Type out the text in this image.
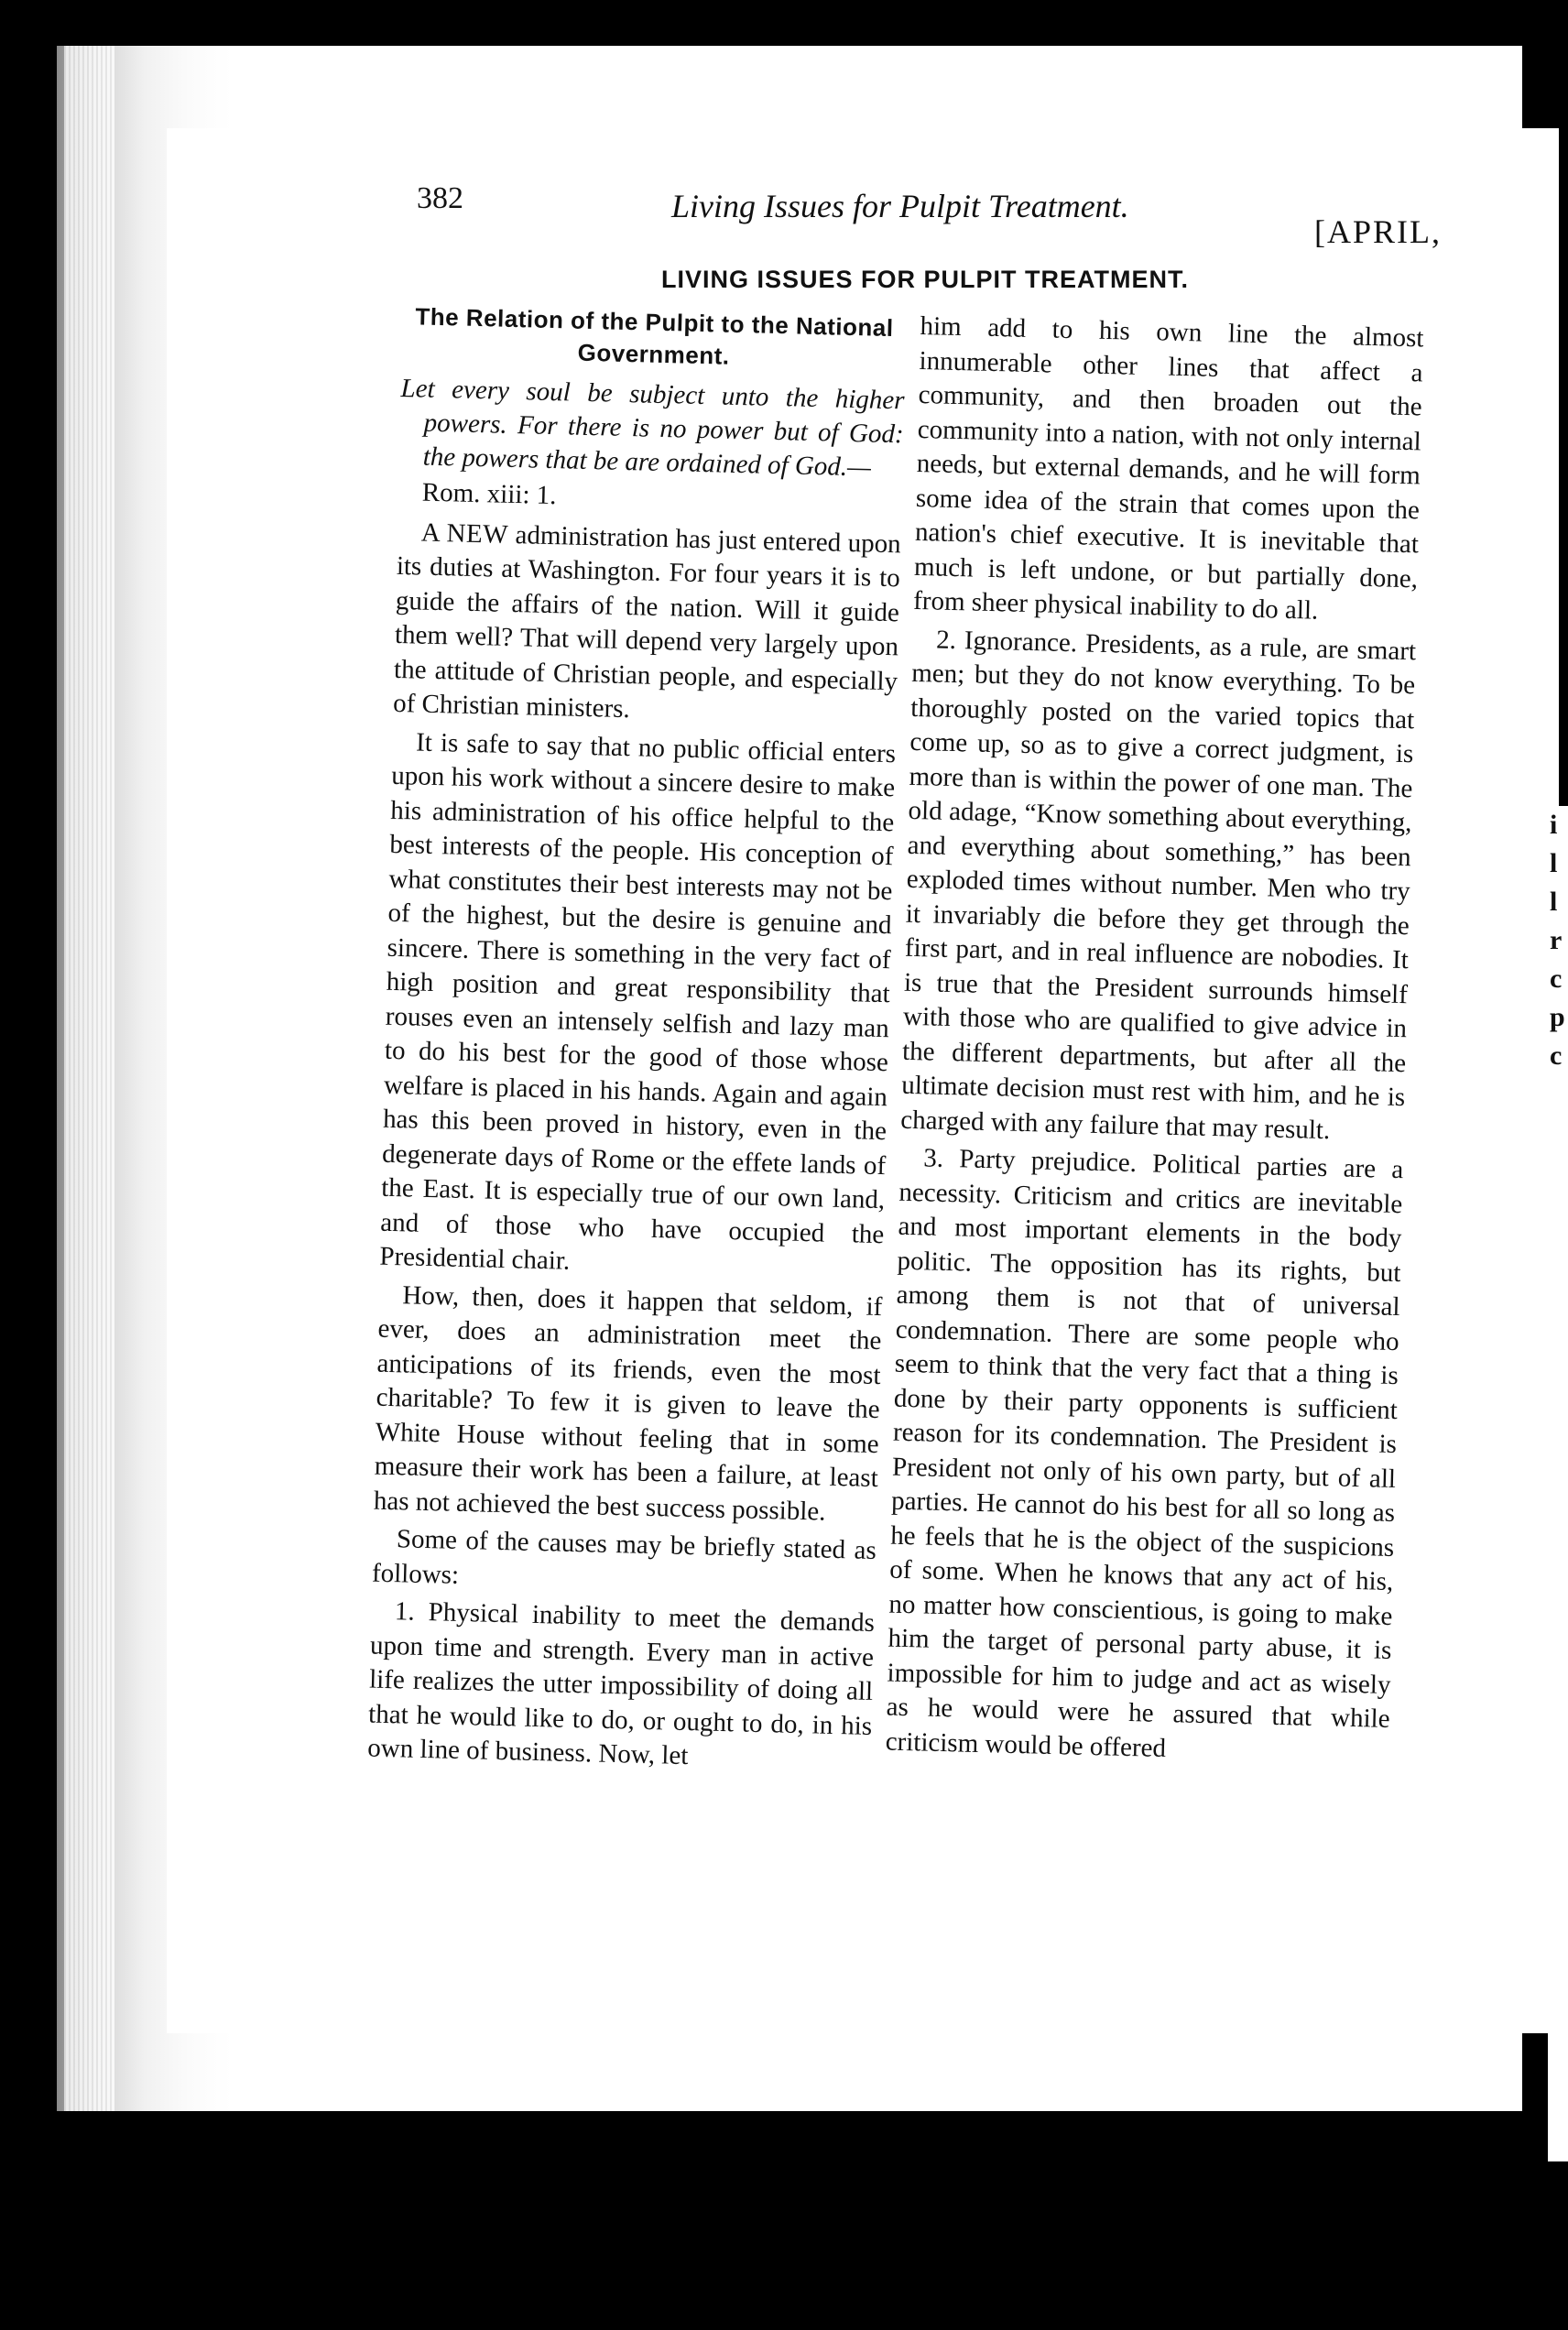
i
l
l
r
c
p
c
382	Living Issues for Pulpit Treatment.
[APRIL,
LIVING ISSUES FOR PULPIT TREATMENT.
The Relation of the Pulpit to the National Government.
Let every soul be subject unto the higher powers. For there is no power but of God: the powers that be are ordained of God.—
Rom. xiii: 1.

A NEW administration has just entered upon its duties at Washington. For four years it is to guide the affairs of the nation. Will it guide them well? That will depend very largely upon the attitude of Christian people, and especially of Christian ministers.

It is safe to say that no public official enters upon his work without a sincere desire to make his administration of his office helpful to the best interests of the people. His conception of what constitutes their best interests may not be of the highest, but the desire is genuine and sincere. There is something in the very fact of high position and great responsibility that rouses even an intensely selfish and lazy man to do his best for the good of those whose welfare is placed in his hands. Again and again has this been proved in history, even in the degenerate days of Rome or the effete lands of the East. It is especially true of our own land, and of those who have occupied the Presidential chair.

How, then, does it happen that seldom, if ever, does an administration meet the anticipations of its friends, even the most charitable? To few it is given to leave the White House without feeling that in some measure their work has been a failure, at least has not achieved the best success possible.

Some of the causes may be briefly stated as follows:

1. Physical inability to meet the demands upon time and strength. Every man in active life realizes the utter impossibility of doing all that he would like to do, or ought to do, in his own line of business. Now, let

him add to his own line the almost innumerable other lines that affect a community, and then broaden out the community into a nation, with not only internal needs, but external demands, and he will form some idea of the strain that comes upon the nation's chief executive. It is inevitable that much is left undone, or but partially done, from sheer physical inability to do all.

2. Ignorance. Presidents, as a rule, are smart men; but they do not know everything. To be thoroughly posted on the varied topics that come up, so as to give a correct judgment, is more than is within the power of one man. The old adage, “Know something about everything, and everything about something,” has been exploded times without number. Men who try it invariably die before they get through the first part, and in real influence are nobodies. It is true that the President surrounds himself with those who are qualified to give advice in the different departments, but after all the ultimate decision must rest with him, and he is charged with any failure that may result.

3. Party prejudice. Political parties are a necessity. Criticism and critics are inevitable and most important elements in the body politic. The opposition has its rights, but among them is not that of universal condemnation. There are some people who seem to think that the very fact that a thing is done by their party opponents is sufficient reason for its condemnation. The President is President not only of his own party, but of all parties. He cannot do his best for all so long as he feels that he is the object of the suspicions of some. When he knows that any act of his, no matter how conscientious, is going to make him the target of personal party abuse, it is impossible for him to judge and act as wisely as he would were he assured that while criticism would be offered
